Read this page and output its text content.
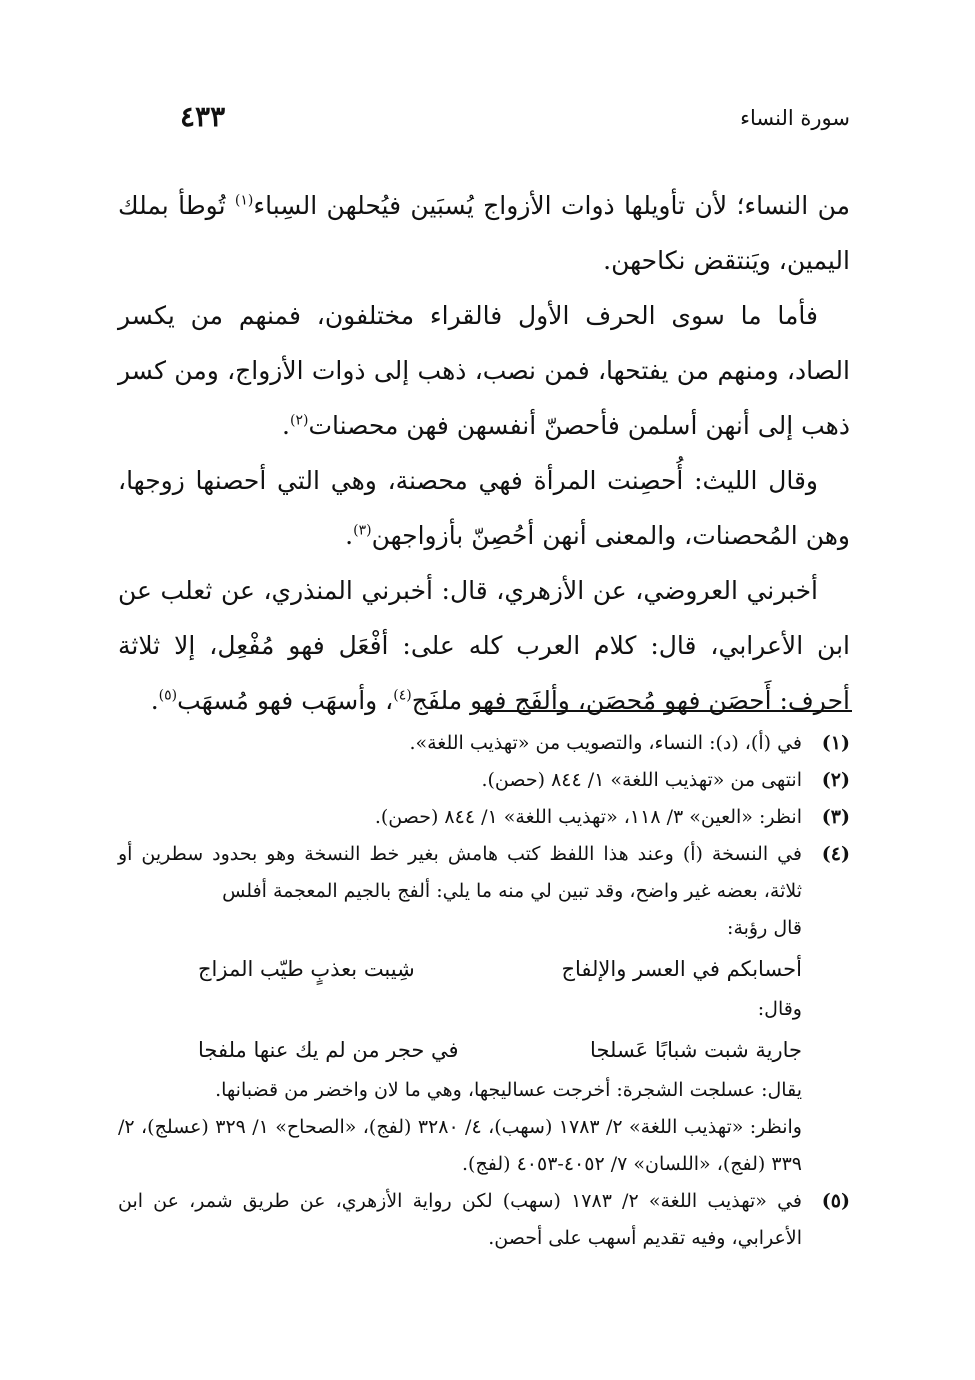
سورة النساء
٤٣٣

من النساء؛ لأن تأويلها ذوات الأزواج يُسبَين فيُحلهن السِباء$^{(١)}$ تُوطأ بملك اليمين، ويَنتقض نكاحهن.

فأما ما سوى الحرف الأول فالقراء مختلفون، فمنهم من يكسر الصاد، ومنهم من يفتحها، فمن نصب، ذهب إلى ذوات الأزواج، ومن كسر ذهب إلى أنهن أسلمن فأحصنّ أنفسهن فهن محصنات$^{(٢)}$.

وقال الليث: أُحصِنت المرأة فهي محصنة، وهي التي أحصنها زوجها، وهن المُحصنات، والمعنى أنهن أحُصِنّ بأزواجهن$^{(٣)}$.

أخبرني العروضي، عن الأزهري، قال: أخبرني المنذري، عن ثعلب عن ابن الأعرابي، قال: كلام العرب كله على: أفْعَل فهو مُفْعِل، إلا ثلاثة أحرف: أَحصَن فهو مُحصَن، وألفَج فهو ملفَج$^{(٤)}$، وأسهَب فهو مُسهَب$^{(٥)}$.

(١)
في (أ)، (د): النساء، والتصويب من «تهذيب اللغة».
(٢)
انتهى من «تهذيب اللغة» ١/ ٨٤٤ (حصن).
(٣)
انظر: «العين» ٣/ ١١٨، «تهذيب اللغة» ١/ ٨٤٤ (حصن).
(٤)
في النسخة (أ) وعند هذا اللفظ كتب هامش بغير خط النسخة وهو بحدود سطرين أو ثلاثة، بعضه غير واضح، وقد تبين لي منه ما يلي: ألفج بالجيم المعجمة أفلس
قال رؤبة:
أحسابكم في العسر والإلفاج
شِيبت بعذبٍ طيّب المزاج
وقال:
جارية شبت شبابًا عَسلجا
في حجر من لم يك عنها ملفجا
يقال: عسلجت الشجرة: أخرجت عساليجها، وهي ما لان واخضر من قضبانها.
وانظر: «تهذيب اللغة» ٢/ ١٧٨٣ (سهب)، ٤/ ٣٢٨٠ (لفج)، «الصحاح» ١/ ٣٢٩ (عسلج)، ٢/ ٣٣٩ (لفج)، «اللسان» ٧/ ٤٠٥٢-٤٠٥٣ (لفج).
(٥)
في «تهذيب اللغة» ٢/ ١٧٨٣ (سهب) لكن رواية الأزهري، عن طريق شمر، عن ابن الأعرابي، وفيه تقديم أسهب على أحصن.
